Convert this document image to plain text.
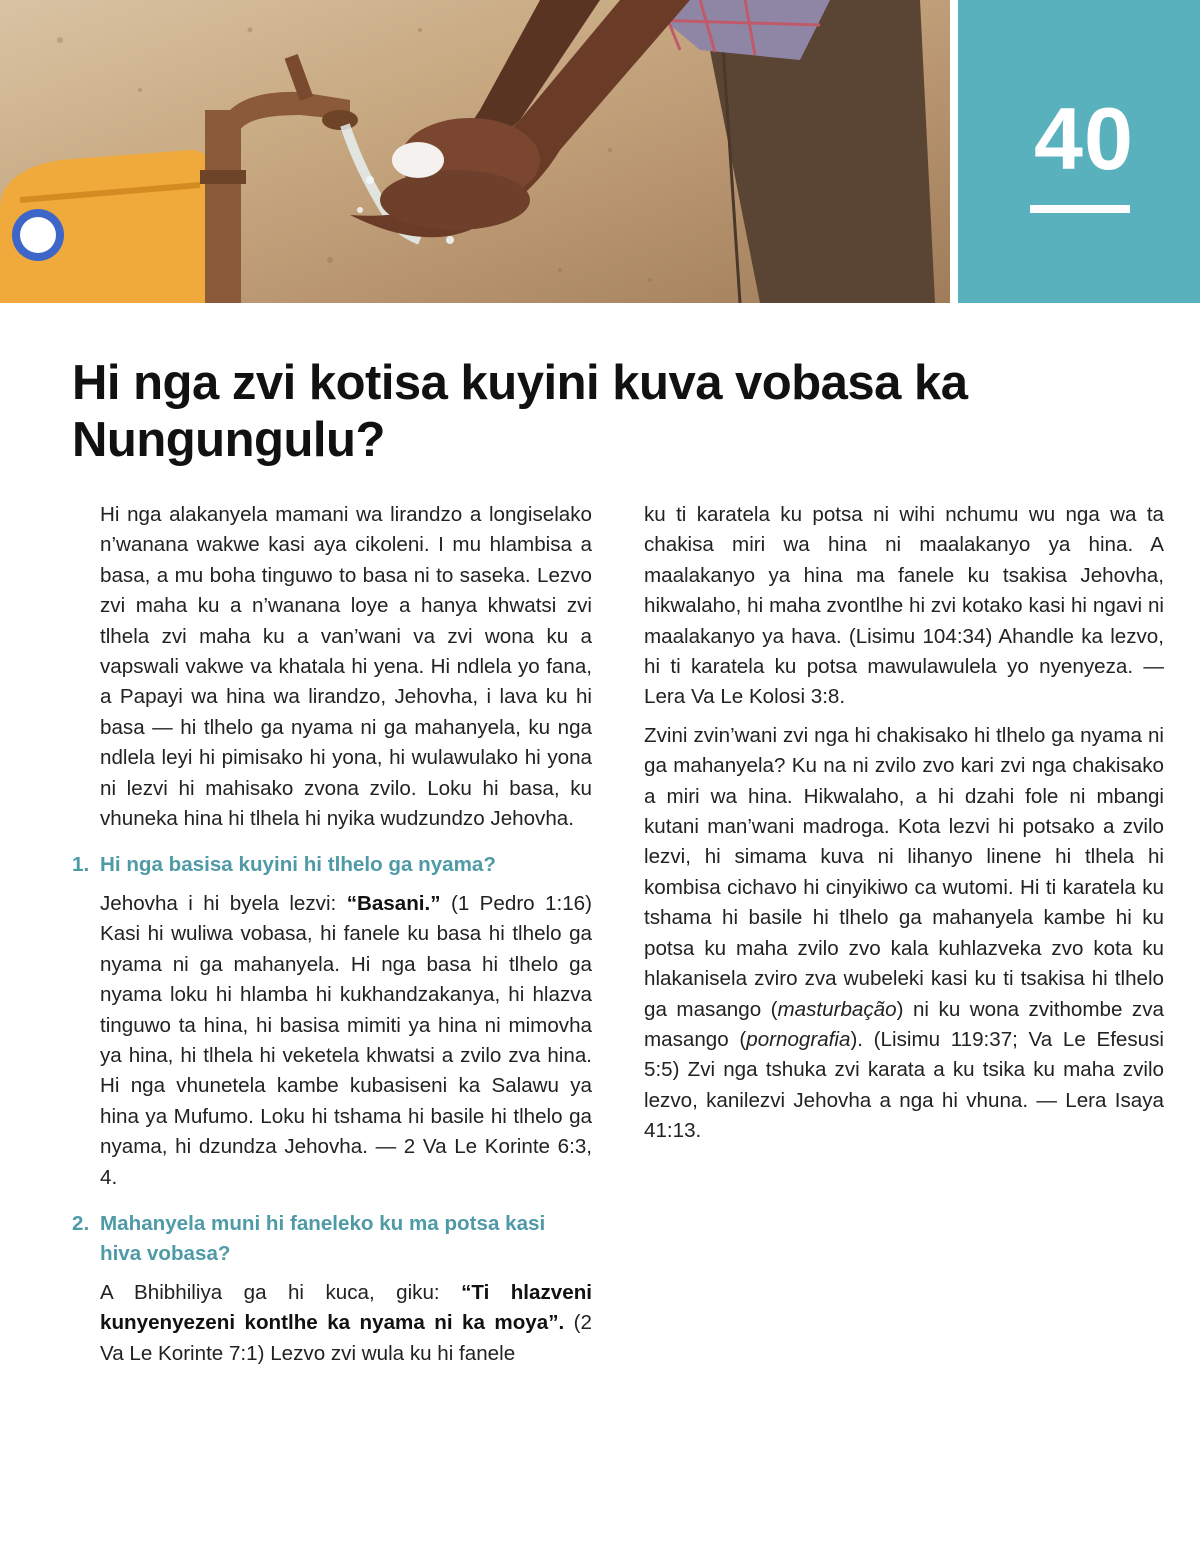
40
Hi nga zvi kotisa kuyini kuva vobasa ka Nungungulu?

Hi nga alakanyela mamani wa lirandzo a longiselako n’wanana wakwe kasi aya cikoleni. I mu hlambisa a basa, a mu boha tinguwo to basa ni to saseka. Lezvo zvi maha ku a n’wanana loye a hanya khwatsi zvi tlhela zvi maha ku a van’wani va zvi wona ku a vapswali vakwe va khatala hi yena. Hi ndlela yo fana, a Papayi wa hina wa lirandzo, Jehovha, i lava ku hi basa — hi tlhelo ga nyama ni ga mahanyela, ku nga ndlela leyi hi pimisako hi yona, hi wulawulako hi yona ni lezvi hi mahisako zvona zvilo. Loku hi basa, ku vhuneka hina hi tlhela hi nyika wudzundzo Jehovha.

1. Hi nga basisa kuyini hi tlhelo ga nyama?

Jehovha i hi byela lezvi: “Basani.” (1 Pedro 1:16) Kasi hi wuliwa vobasa, hi fanele ku basa hi tlhelo ga nyama ni ga mahanyela. Hi nga basa hi tlhelo ga nyama loku hi hlamba hi kukhandzakanya, hi hlazva tinguwo ta hina, hi basisa mimiti ya hina ni mimovha ya hina, hi tlhela hi veketela khwatsi a zvilo zva hina. Hi nga vhunetela kambe kubasiseni ka Salawu ya hina ya Mufumo. Loku hi tshama hi basile hi tlhelo ga nyama, hi dzundza Jehovha. — 2 Va Le Korinte 6:3, 4.

2. Mahanyela muni hi faneleko ku ma potsa kasi hiva vobasa?

A Bhibhiliya ga hi kuca, giku: “Ti hlazveni kunyenyezeni kontlhe ka nyama ni ka moya”. (2 Va Le Korinte 7:1) Lezvo zvi wula ku hi fanele

ku ti karatela ku potsa ni wihi nchumu wu nga wa ta chakisa miri wa hina ni maalakanyo ya hina. A maalakanyo ya hina ma fanele ku tsakisa Jehovha, hikwalaho, hi maha zvontlhe hi zvi kotako kasi hi ngavi ni maalakanyo ya hava. (Lisimu 104:34) Ahandle ka lezvo, hi ti karatela ku potsa mawulawulela yo nyenyeza. — Lera Va Le Kolosi 3:8.

Zvini zvin’wani zvi nga hi chakisako hi tlhelo ga nyama ni ga mahanyela? Ku na ni zvilo zvo kari zvi nga chakisako a miri wa hina. Hikwalaho, a hi dzahi fole ni mbangi kutani man’wani madroga. Kota lezvi hi potsako a zvilo lezvi, hi simama kuva ni lihanyo linene hi tlhela hi kombisa cichavo hi cinyikiwo ca wutomi. Hi ti karatela ku tshama hi basile hi tlhelo ga mahanyela kambe hi ku potsa ku maha zvilo zvo kala kuhlazveka zvo kota ku hlakanisela zviro zva wubeleki kasi ku ti tsakisa hi tlhelo ga masango (masturbação) ni ku wona zvithombe zva masango (pornografia). (Lisimu 119:37; Va Le Efesusi 5:5) Zvi nga tshuka zvi karata a ku tsika ku maha zvilo lezvo, kanilezvi Jehovha a nga hi vhuna. — Lera Isaya 41:13.
